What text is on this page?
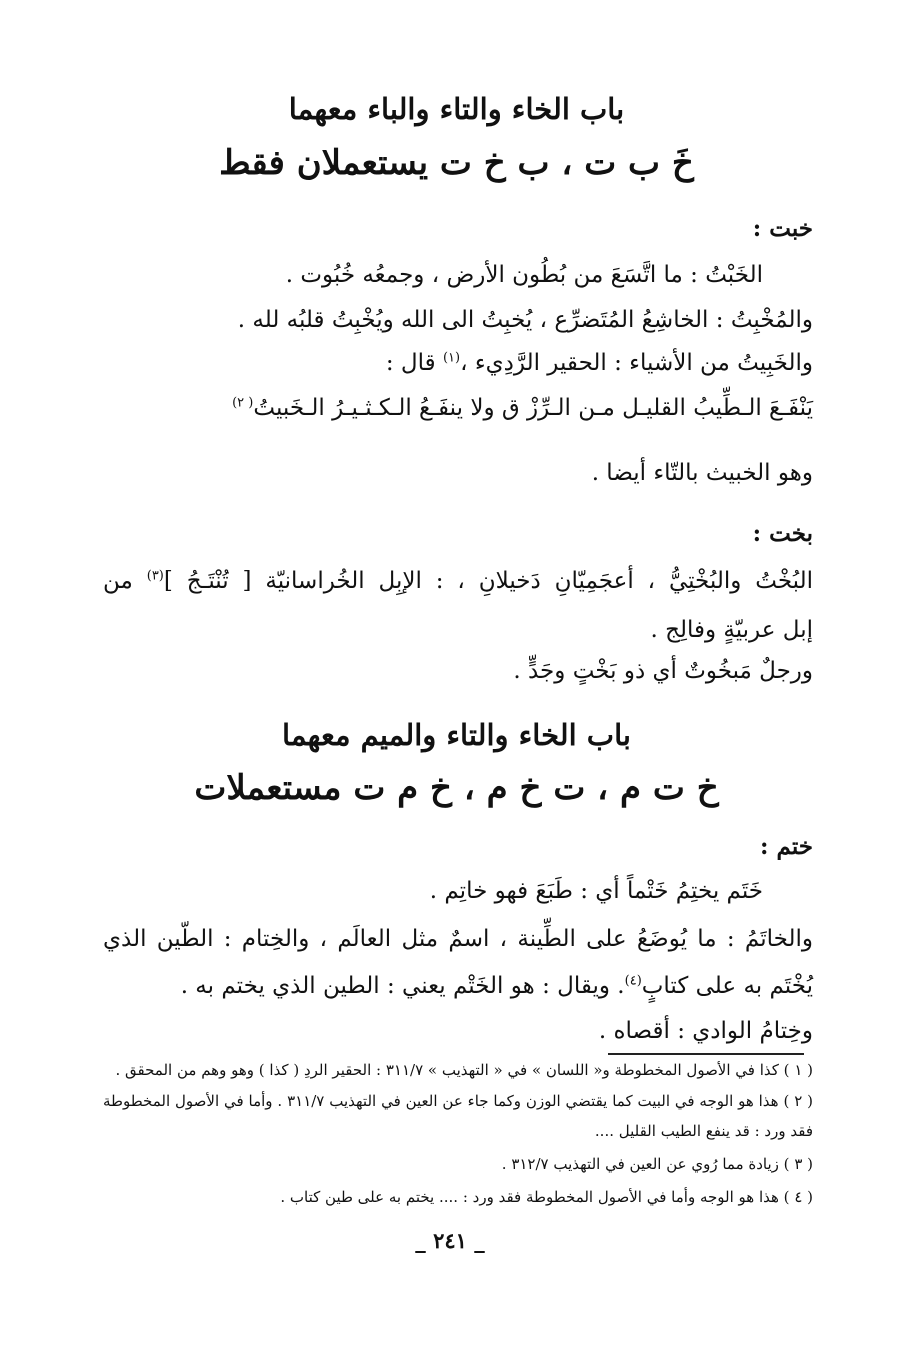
باب الخاء والتاء والباء معهما
خَ ب ت ، ب خ ت يستعملان فقط
خبت :
الخَبْتُ : ما اتَّسَعَ من بُطُون الأرض ، وجمعُه خُبُوت .
والمُخْبِتُ : الخاشِعُ المُتَضرِّع ، يُخبِتُ الى الله ويُخْبِتُ قلبُه لله .
والخَبِيتُ من الأشياء : الحقير الرَّدِيء ،$^{(١)}$ قال :
يَنْفَـعَ الـطِّيبُ القليـل مـن الـرِّزْ ق ولا ينفَـعُ الـكـثـيـرُ الـخَبيتُ$^{( ٢)}$
وهو الخبيث بالتّاء أيضا .
بخت :
البُخْتُ والبُخْتِيُّ ، أعجَمِيّانِ دَخيلانِ ، : الإبِل الخُراسانيّة [ تُنْتَـجُ ]$^{(٣)}$ من
إبل عربيّةٍ وفالِج .
ورجلٌ مَبخُوتٌ أي ذو بَخْتٍ وجَدٍّ .
باب الخاء والتاء والميم معهما
خ ت م ، ت خ م ، خ م ت مستعملات
ختم :
خَتَم يختِمُ خَتْماً أي : طَبَعَ فهو خاتِم .
والخاتَمُ : ما يُوضَعُ على الطِّينة ، اسمٌ مثل العالَم ، والخِتام : الطّين الذي
يُخْتَم به على كتابٍ$^{(٤)}$. ويقال : هو الخَتْم يعني : الطين الذي يختم به .
وخِتامُ الوادي : أقصاه .
( ١ ) كذا في الأصول المخطوطة و« اللسان » في « التهذيب » ٣١١/٧ : الحقير الردِ ( كذا ) وهو وهم من المحقق .
( ٢ ) هذا هو الوجه في البيت كما يقتضي الوزن وكما جاء عن العين في التهذيب ٣١١/٧ . وأما في الأصول المخطوطة
فقد ورد : قد ينفع الطيب القليل ....
( ٣ ) زيادة مما رُوي عن العين في التهذيب ٣١٢/٧ .
( ٤ ) هذا هو الوجه وأما في الأصول المخطوطة فقد ورد : .... يختم به على طين كتاب .
_ ٢٤١ _
